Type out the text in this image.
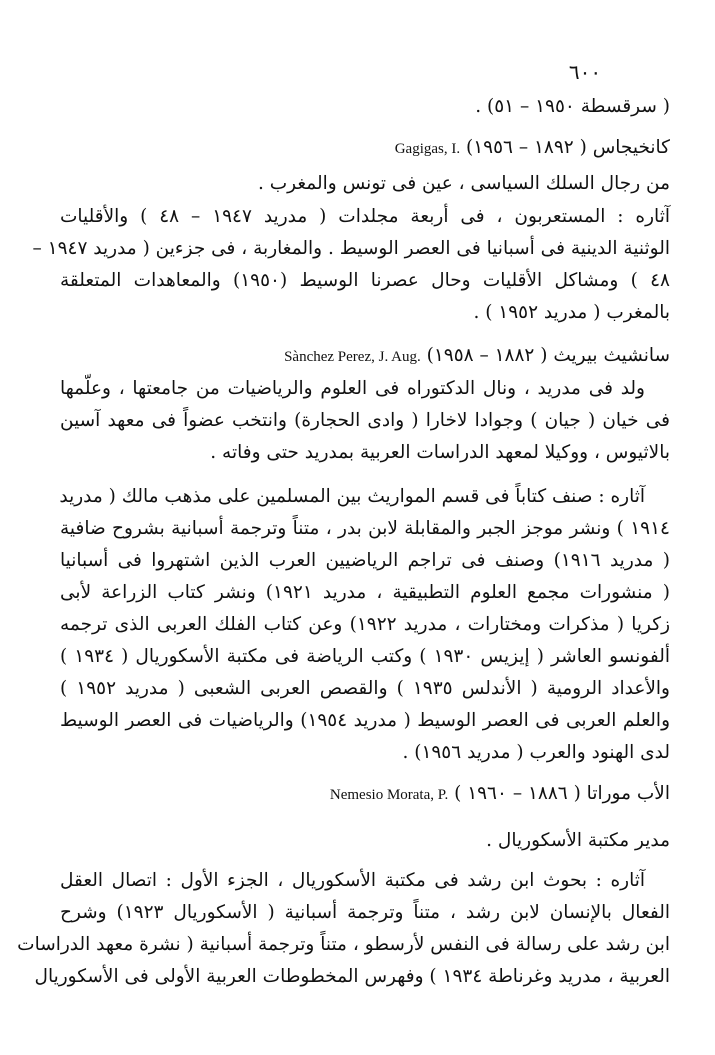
٦٠٠
( سرقسطة ١٩٥٠ – ٥١) .
كانخيجاس ( ١٨٩٢ – ١٩٥٦) Gagigas, I.
من رجال السلك السياسى ، عين فى تونس والمغرب .
آثاره : المستعربون ، فى أربعة مجلدات ( مدريد ١٩٤٧ – ٤٨ ) والأقليات
الوثنية الدينية فى أسبانيا فى العصر الوسيط . والمغاربة ، فى جزءين ( مدريد ١٩٤٧ –
٤٨ ) ومشاكل الأقليات وحال عصرنا الوسيط (١٩٥٠) والمعاهدات المتعلقة
بالمغرب ( مدريد ١٩٥٢ ) .
سانشيث بيريث ( ١٨٨٢ – ١٩٥٨) Sànchez Perez, J. Aug.
ولد فى مدريد ، ونال الدكتوراه فى العلوم والرياضيات من جامعتها ، وعلّمها
فى خيان ( جيان ) وجوادا لاخارا ( وادى الحجارة) وانتخب عضواً فى معهد آسين
بالاثيوس ، ووكيلا لمعهد الدراسات العربية بمدريد حتى وفاته .
آثاره : صنف كتاباً فى قسم المواريث بين المسلمين على مذهب مالك ( مدريد
١٩١٤ ) ونشر موجز الجبر والمقابلة لابن بدر ، متناً وترجمة أسبانية بشروح ضافية
( مدريد ١٩١٦) وصنف فى تراجم الرياضيين العرب الذين اشتهروا فى أسبانيا
( منشورات مجمع العلوم التطبيقية ، مدريد ١٩٢١) ونشر كتاب الزراعة لأبى
زكريا ( مذكرات ومختارات ، مدريد ١٩٢٢) وعن كتاب الفلك العربى الذى ترجمه
ألفونسو العاشر ( إيزيس ١٩٣٠ ) وكتب الرياضة فى مكتبة الأسكوريال ( ١٩٣٤ )
والأعداد الرومية ( الأندلس ١٩٣٥ ) والقصص العربى الشعبى ( مدريد ١٩٥٢ )
والعلم العربى فى العصر الوسيط ( مدريد ١٩٥٤) والرياضيات فى العصر الوسيط
لدى الهنود والعرب ( مدريد ١٩٥٦) .
الأب موراتا ( ١٨٨٦ – ١٩٦٠ ) Nemesio Morata, P.
مدير مكتبة الأسكوريال .
آثاره : بحوث ابن رشد فى مكتبة الأسكوريال ، الجزء الأول : اتصال العقل
الفعال بالإنسان لابن رشد ، متناً وترجمة أسبانية ( الأسكوريال ١٩٢٣) وشرح
ابن رشد على رسالة فى النفس لأرسطو ، متناً وترجمة أسبانية ( نشرة معهد الدراسات
العربية ، مدريد وغرناطة ١٩٣٤ ) وفهرس المخطوطات العربية الأولى فى الأسكوريال
